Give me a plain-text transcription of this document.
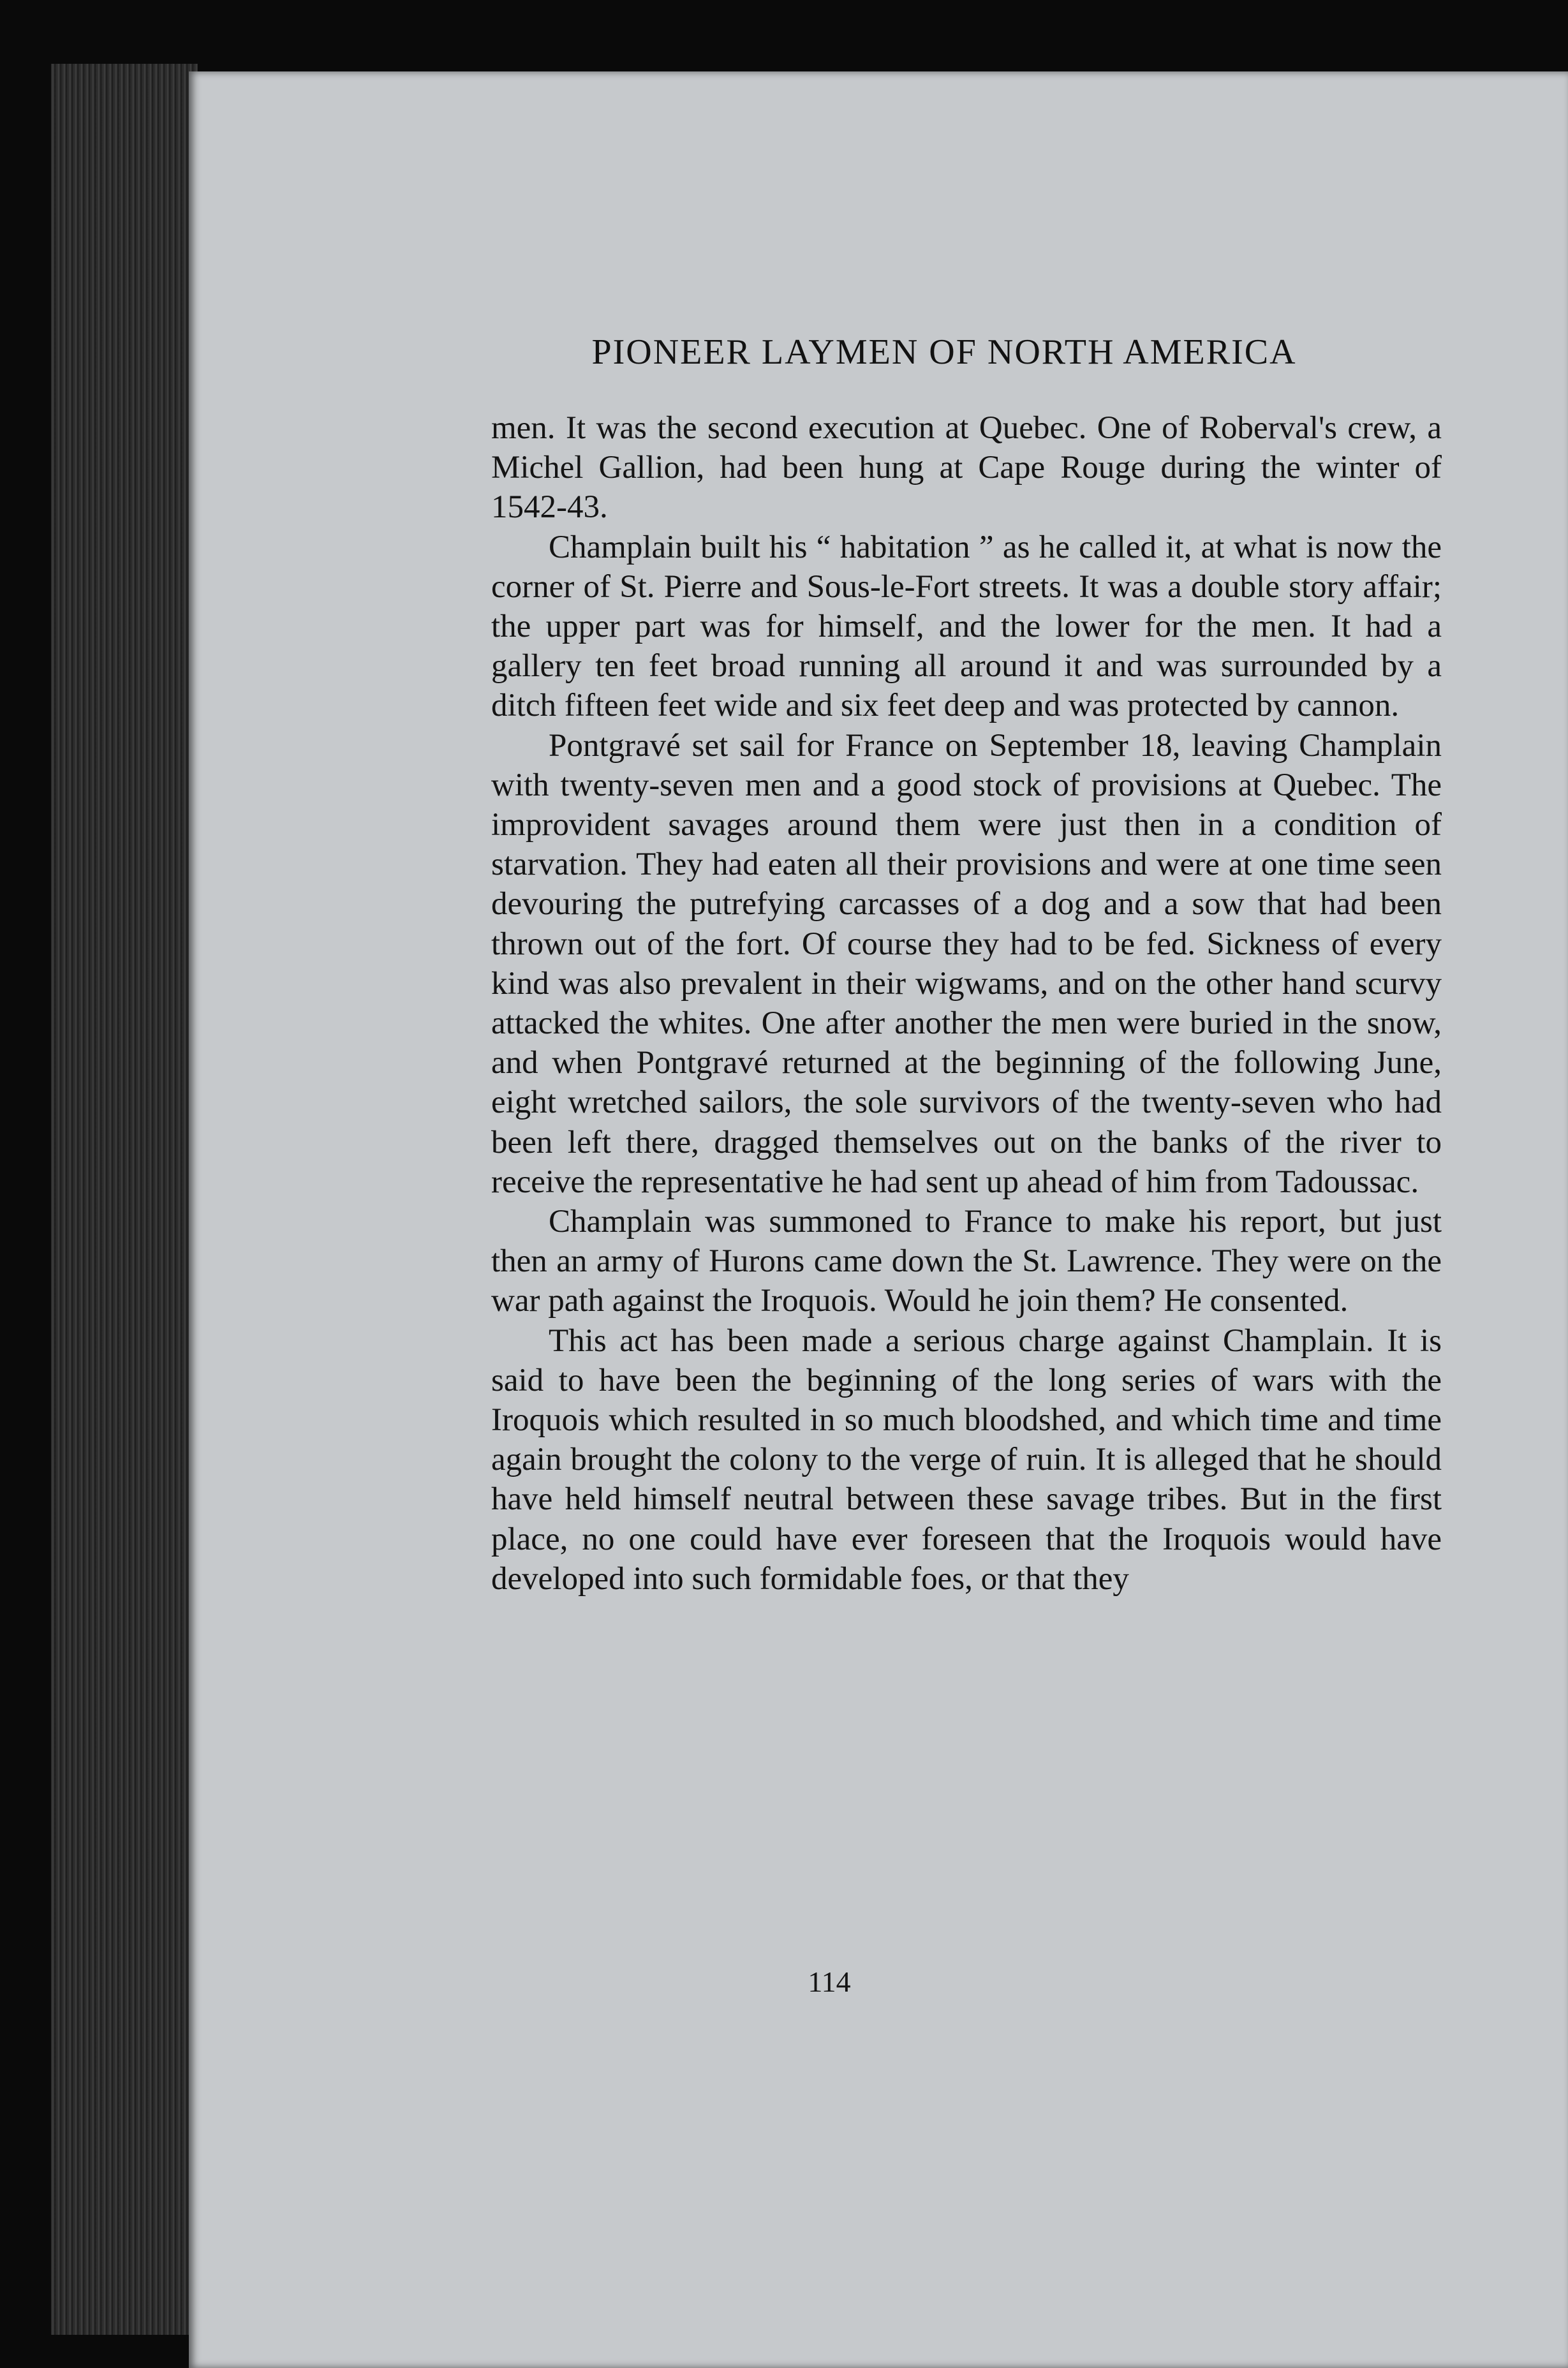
PIONEER LAYMEN OF NORTH AMERICA

men. It was the second execution at Quebec. One of Roberval's crew, a Michel Gallion, had been hung at Cape Rouge during the winter of 1542-43.

Champlain built his “ habitation ” as he called it, at what is now the corner of St. Pierre and Sous-le-Fort streets. It was a double story affair; the upper part was for himself, and the lower for the men. It had a gallery ten feet broad running all around it and was surrounded by a ditch fifteen feet wide and six feet deep and was protected by cannon.

Pontgravé set sail for France on September 18, leaving Champlain with twenty-seven men and a good stock of provisions at Quebec. The improvident savages around them were just then in a condition of starvation. They had eaten all their provisions and were at one time seen devouring the putrefying carcasses of a dog and a sow that had been thrown out of the fort. Of course they had to be fed. Sickness of every kind was also prevalent in their wigwams, and on the other hand scurvy attacked the whites. One after another the men were buried in the snow, and when Pontgravé returned at the beginning of the following June, eight wretched sailors, the sole survivors of the twenty-seven who had been left there, dragged themselves out on the banks of the river to receive the representative he had sent up ahead of him from Tadoussac.

Champlain was summoned to France to make his report, but just then an army of Hurons came down the St. Lawrence. They were on the war path against the Iroquois. Would he join them? He consented.

This act has been made a serious charge against Champlain. It is said to have been the beginning of the long series of wars with the Iroquois which resulted in so much bloodshed, and which time and time again brought the colony to the verge of ruin. It is alleged that he should have held himself neutral between these savage tribes. But in the first place, no one could have ever foreseen that the Iroquois would have developed into such formidable foes, or that they

114
